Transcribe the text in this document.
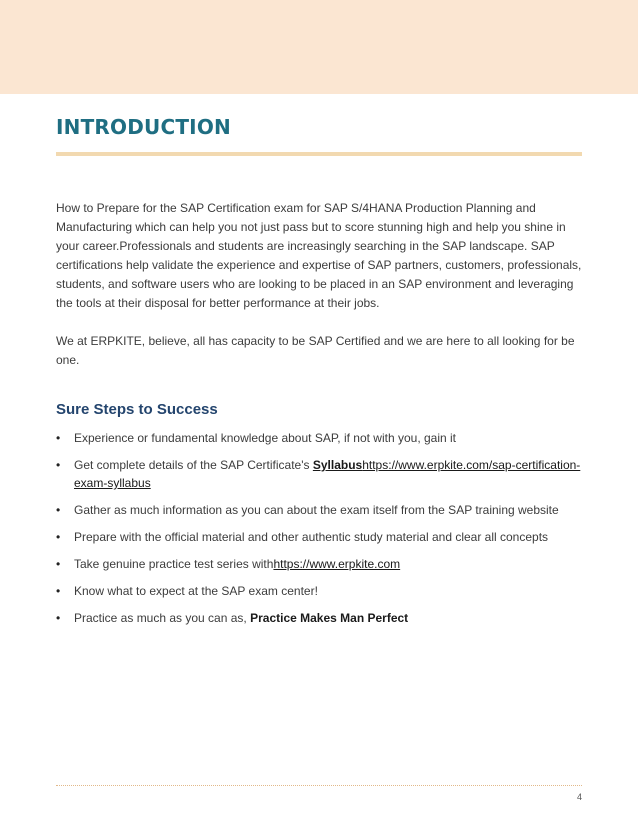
INTRODUCTION

How to Prepare for the SAP Certification exam for SAP S/4HANA Production Planning and Manufacturing which can help you not just pass but to score stunning high and help you shine in your career.Professionals and students are increasingly searching in the SAP landscape. SAP certifications help validate the experience and expertise of SAP partners, customers, professionals, students, and software users who are looking to be placed in an SAP environment and leveraging the tools at their disposal for better performance at their jobs.

We at ERPKITE, believe, all has capacity to be SAP Certified and we are here to all looking for be one.

Sure Steps to Success
• Experience or fundamental knowledge about SAP, if not with you, gain it
• Get complete details of the SAP Certificate's Syllabushttps://www.erpkite.com/sap-certification-exam-syllabus
• Gather as much information as you can about the exam itself from the SAP training website
• Prepare with the official material and other authentic study material and clear all concepts
• Take genuine practice test series withhttps://www.erpkite.com
• Know what to expect at the SAP exam center!
• Practice as much as you can as, Practice Makes Man Perfect
4
